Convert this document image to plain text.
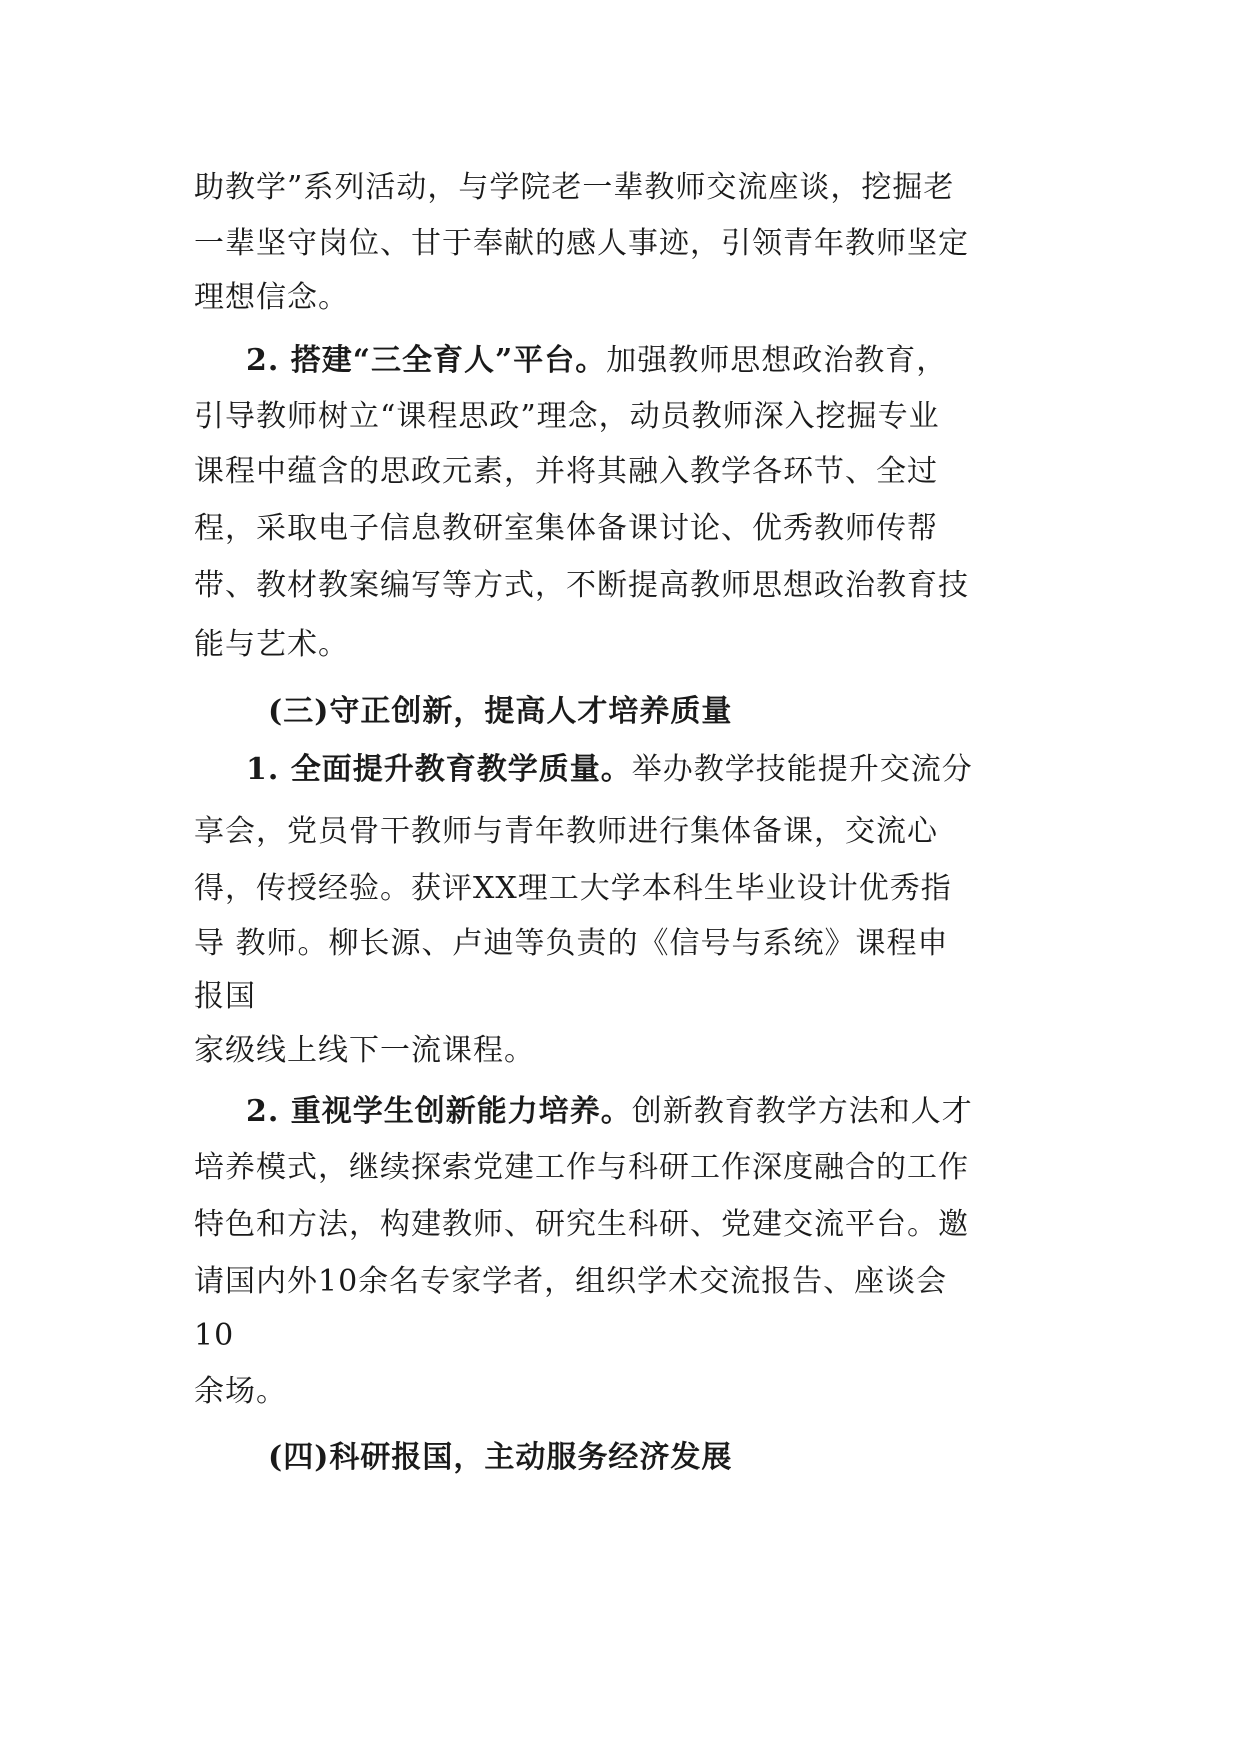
助教学”系列活动，与学院老一辈教师交流座谈，挖掘老
一辈坚守岗位、甘于奉献的感人事迹，引领青年教师坚定
理想信念。
2. 搭建“三全育人”平台。加强教师思想政治教育，
引导教师树立“课程思政”理念，动员教师深入挖掘专业
课程中蕴含的思政元素，并将其融入教学各环节、全过
程，采取电子信息教研室集体备课讨论、优秀教师传帮
带、教材教案编写等方式，不断提高教师思想政治教育技
能与艺术。
(三)守正创新，提高人才培养质量
1. 全面提升教育教学质量。举办教学技能提升交流分
享会，党员骨干教师与青年教师进行集体备课，交流心
得，传授经验。获评XX理工大学本科生毕业设计优秀指
导 教师。柳长源、卢迪等负责的《信号与系统》课程申
报国
家级线上线下一流课程。
2. 重视学生创新能力培养。创新教育教学方法和人才
培养模式，继续探索党建工作与科研工作深度融合的工作
特色和方法，构建教师、研究生科研、党建交流平台。邀
请国内外10余名专家学者，组织学术交流报告、座谈会
10
余场。
(四)科研报国，主动服务经济发展
